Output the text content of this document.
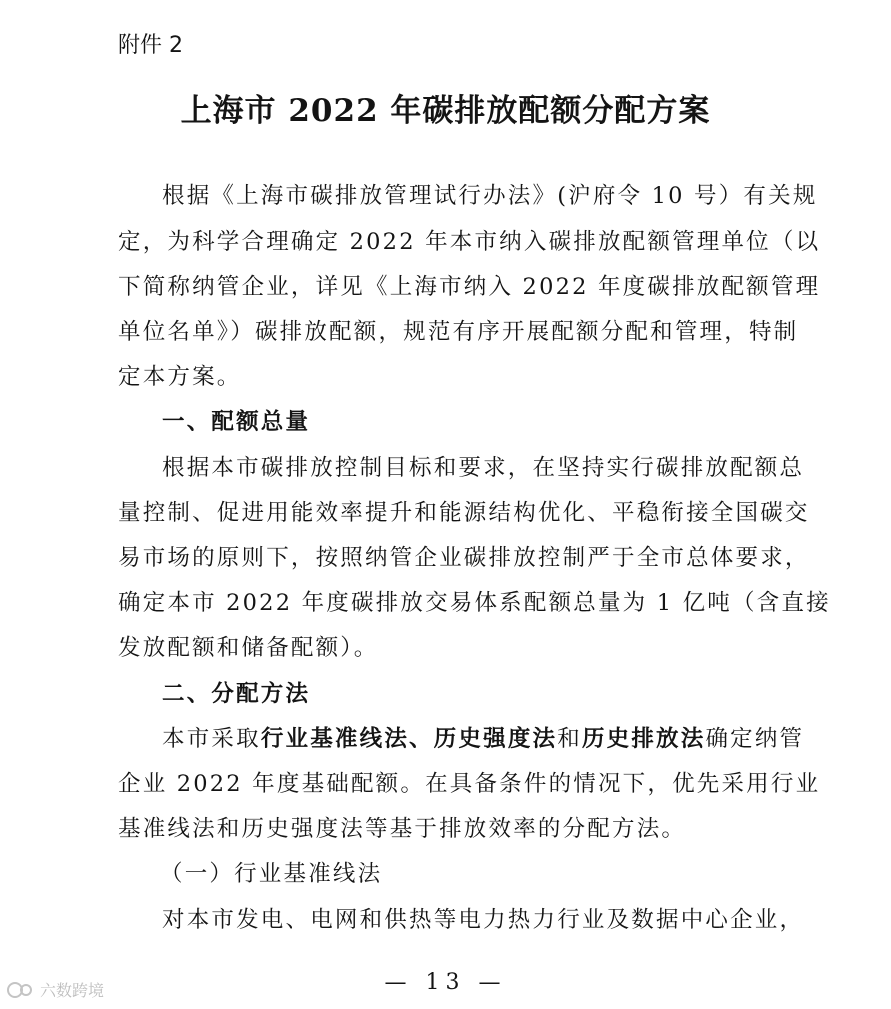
附件 2
上海市 2022 年碳排放配额分配方案
根据《上海市碳排放管理试行办法》(沪府令 10 号）有关规
定，为科学合理确定 2022 年本市纳入碳排放配额管理单位（以
下简称纳管企业，详见《上海市纳入 2022 年度碳排放配额管理
单位名单》）碳排放配额，规范有序开展配额分配和管理，特制
定本方案。
一、配额总量
根据本市碳排放控制目标和要求，在坚持实行碳排放配额总
量控制、促进用能效率提升和能源结构优化、平稳衔接全国碳交
易市场的原则下，按照纳管企业碳排放控制严于全市总体要求，
确定本市 2022 年度碳排放交易体系配额总量为 1 亿吨（含直接
发放配额和储备配额）。
二、分配方法
本市采取行业基准线法、历史强度法和历史排放法确定纳管
企业 2022 年度基础配额。在具备条件的情况下，优先采用行业
基准线法和历史强度法等基于排放效率的分配方法。
（一）行业基准线法
对本市发电、电网和供热等电力热力行业及数据中心企业，
— 13 —
六数跨境
